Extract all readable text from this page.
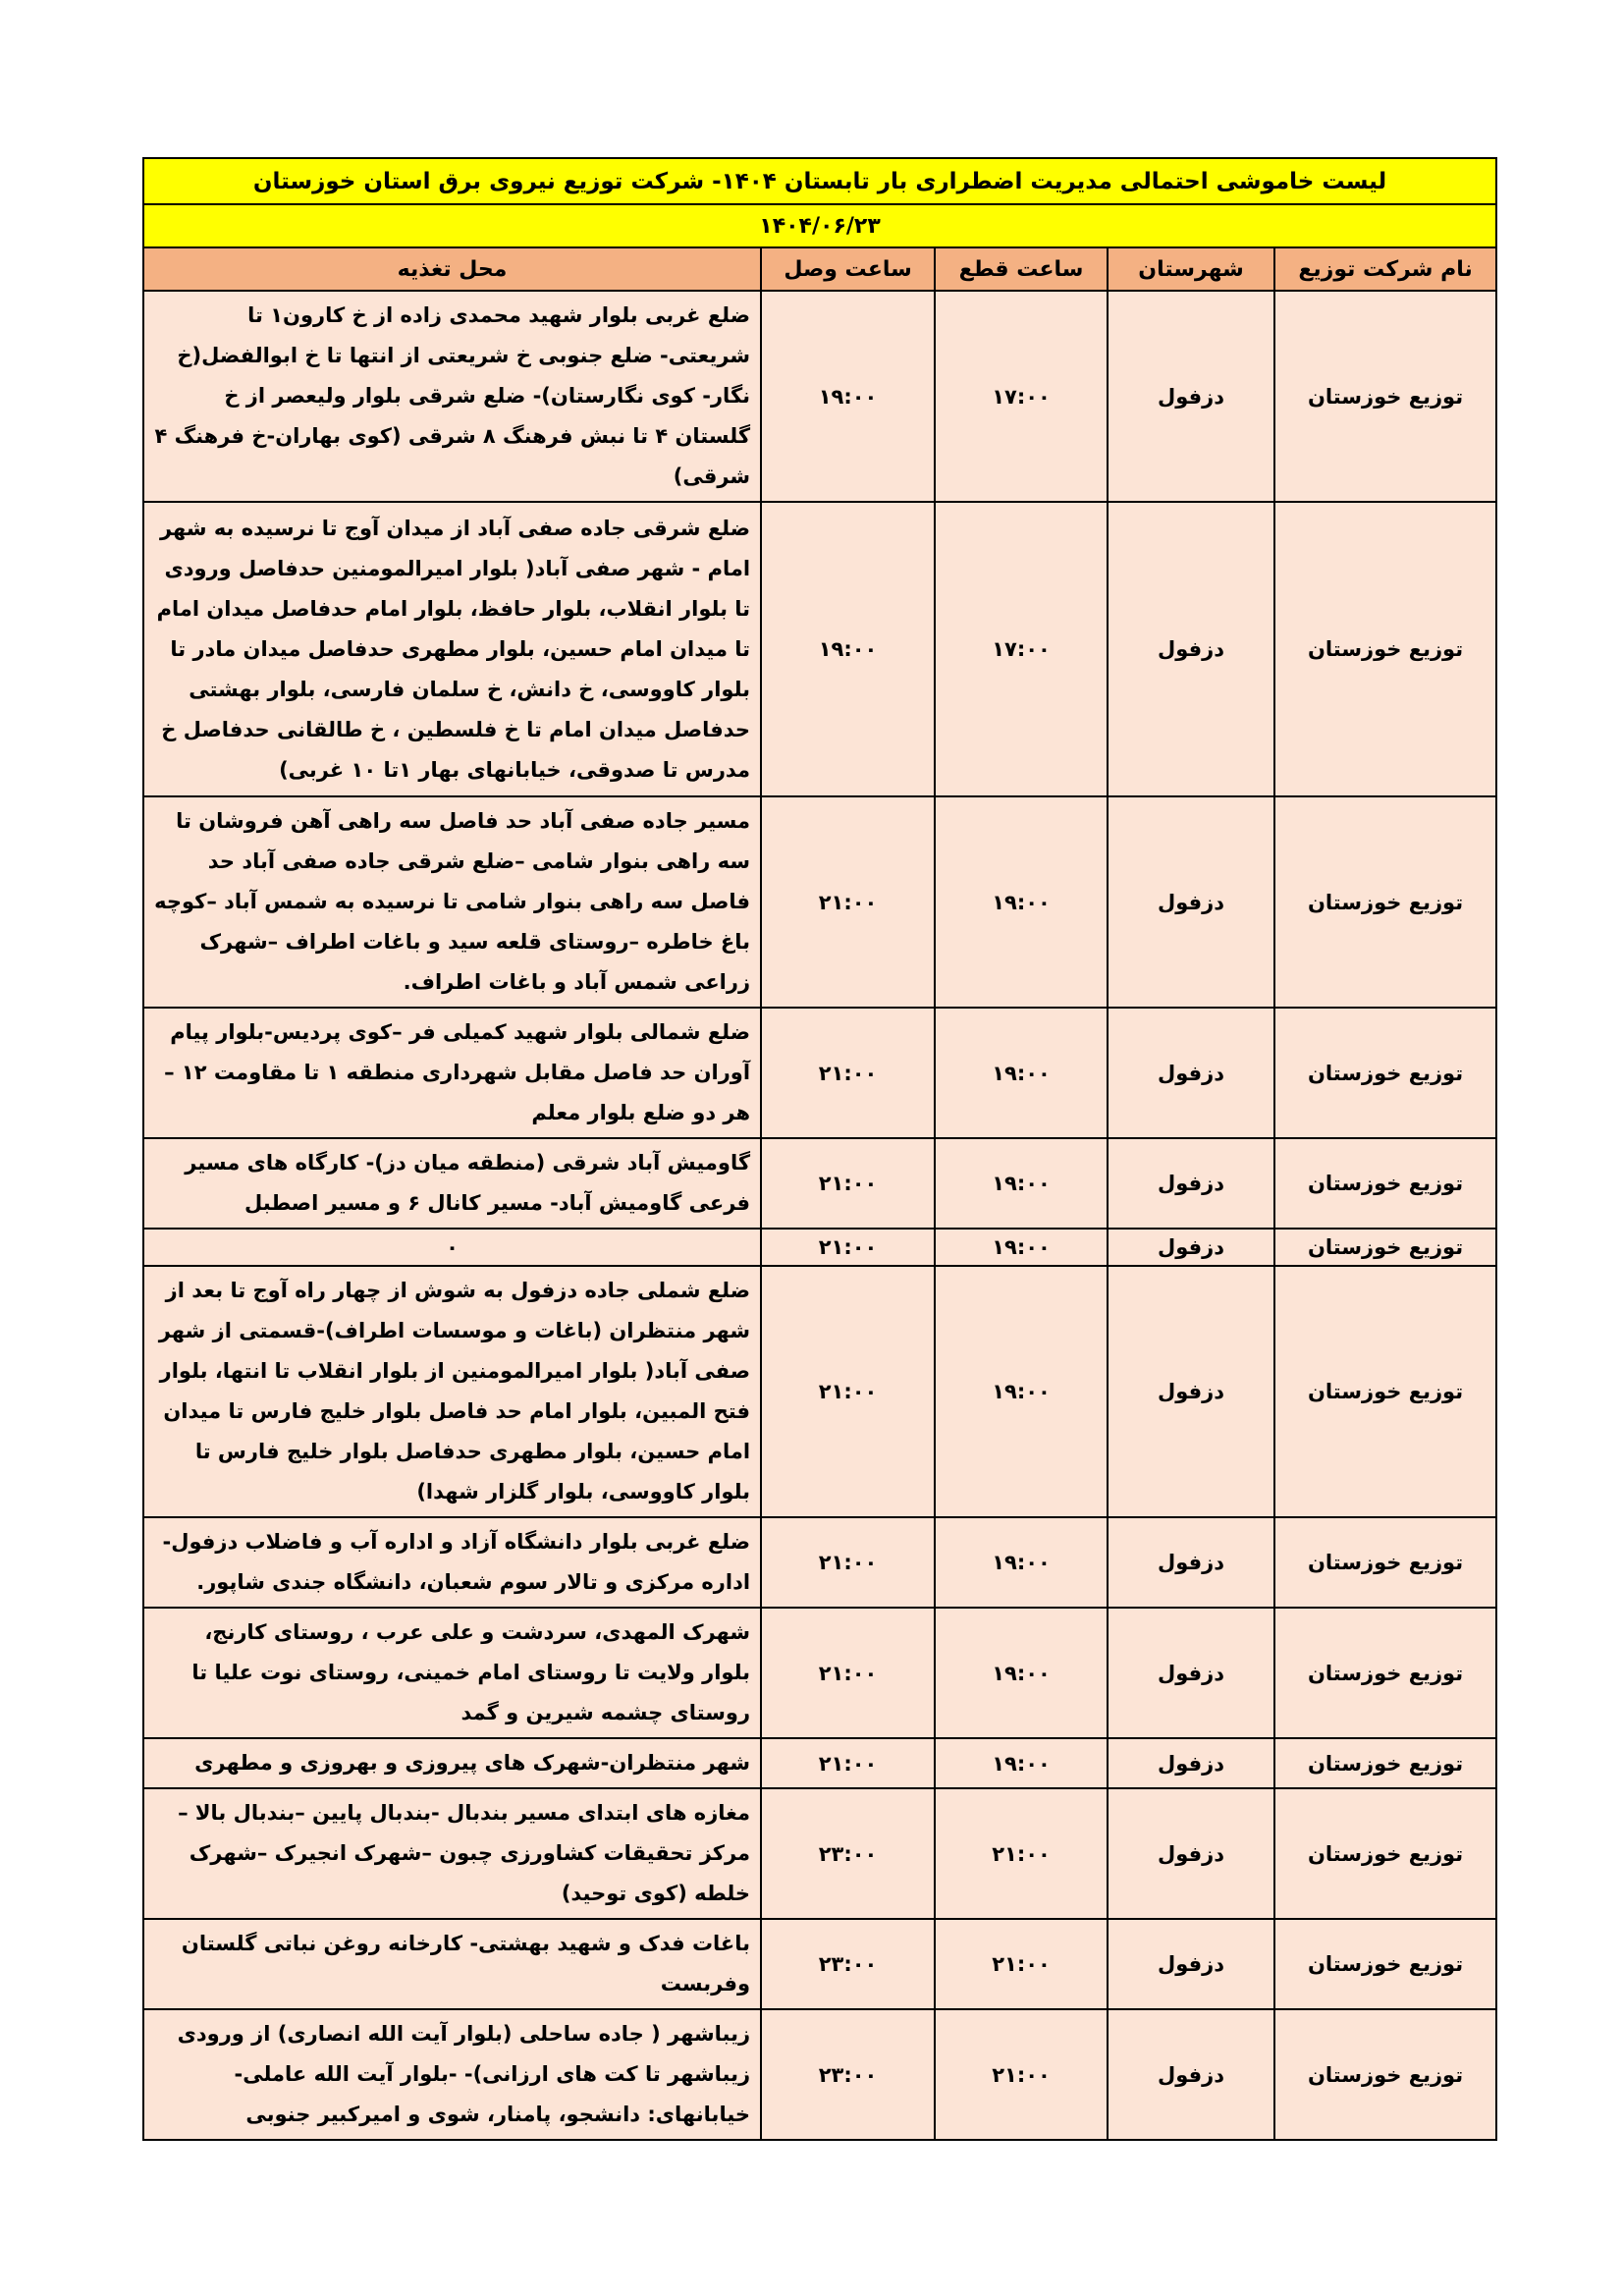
لیست خاموشی احتمالی مدیریت اضطراری بار تابستان ۱۴۰۴- شرکت توزیع نیروی برق استان خوزستان				
۱۴۰۴/۰۶/۲۳				
نام شرکت توزیع	شهرستان	ساعت قطع	ساعت وصل	محل تغذیه
توزیع خوزستان	دزفول	۱۷:۰۰	۱۹:۰۰	ضلع غربی بلوار شهید محمدی زاده از خ کارون۱ تا شریعتی- ضلع جنوبی خ شریعتی از انتها تا خ ابوالفضل(خ نگار- کوی نگارستان)- ضلع شرقی بلوار ولیعصر از خ گلستان ۴ تا نبش فرهنگ ۸ شرقی (کوی بهاران-خ فرهنگ ۴ شرقی)
توزیع خوزستان	دزفول	۱۷:۰۰	۱۹:۰۰	ضلع شرقی جاده صفی آباد از میدان آوج تا نرسیده به شهر امام - شهر صفی آباد( بلوار امیرالمومنین حدفاصل ورودی تا بلوار انقلاب، بلوار حافظ، بلوار امام حدفاصل میدان امام تا میدان امام حسین، بلوار مطهری حدفاصل میدان مادر تا بلوار کاووسی، خ دانش، خ سلمان فارسی، بلوار بهشتی حدفاصل میدان امام تا خ فلسطین ، خ طالقانی حدفاصل خ مدرس تا صدوقی، خیابانهای بهار ۱تا ۱۰ غربی)
توزیع خوزستان	دزفول	۱۹:۰۰	۲۱:۰۰	مسیر جاده صفی آباد حد فاصل سه راهی آهن فروشان تا سه راهی بنوار شامی –ضلع شرقی جاده صفی آباد حد فاصل سه راهی بنوار شامی تا نرسیده به شمس آباد –کوچه باغ خاطره –روستای قلعه سید و باغات اطراف –شهرک زراعی شمس آباد و باغات اطراف.
توزیع خوزستان	دزفول	۱۹:۰۰	۲۱:۰۰	ضلع شمالی بلوار شهید کمیلی فر –کوی پردیس-بلوار پیام آوران حد فاصل مقابل شهرداری منطقه ۱ تا مقاومت ۱۲ –هر دو ضلع بلوار معلم
توزیع خوزستان	دزفول	۱۹:۰۰	۲۱:۰۰	گاومیش آباد شرقی (منطقه میان دز)- کارگاه های مسیر فرعی گاومیش آباد- مسیر کانال ۶ و مسیر اصطبل
توزیع خوزستان	دزفول	۱۹:۰۰	۲۱:۰۰	۰
توزیع خوزستان	دزفول	۱۹:۰۰	۲۱:۰۰	ضلع شملی جاده دزفول به شوش از چهار راه آوج تا بعد از شهر منتظران (باغات و موسسات اطراف)-قسمتی از شهر صفی آباد( بلوار امیرالمومنین از بلوار انقلاب تا انتها، بلوار فتح المبین، بلوار امام حد فاصل بلوار خلیج فارس تا میدان امام حسین، بلوار مطهری حدفاصل بلوار خلیج فارس تا بلوار کاووسی، بلوار گلزار شهدا)
توزیع خوزستان	دزفول	۱۹:۰۰	۲۱:۰۰	ضلع غربی بلوار دانشگاه آزاد و اداره آب و فاضلاب دزفول- اداره مرکزی و تالار سوم شعبان، دانشگاه جندی شاپور.
توزیع خوزستان	دزفول	۱۹:۰۰	۲۱:۰۰	شهرک المهدی، سردشت و علی عرب ، روستای کارنج، بلوار ولایت تا روستای امام خمینی، روستای نوت علیا تا روستای چشمه شیرین و گمد
توزیع خوزستان	دزفول	۱۹:۰۰	۲۱:۰۰	شهر منتظران-شهرک های پیروزی و بهروزی و مطهری
توزیع خوزستان	دزفول	۲۱:۰۰	۲۳:۰۰	مغازه های ابتدای مسیر بندبال -بندبال پایین –بندبال بالا – مرکز تحقیقات کشاورزی چبون –شهرک انجیرک –شهرک خلطه (کوی توحید)
توزیع خوزستان	دزفول	۲۱:۰۰	۲۳:۰۰	باغات فدک و شهید بهشتی- کارخانه روغن نباتی گلستان وفربست
توزیع خوزستان	دزفول	۲۱:۰۰	۲۳:۰۰	زیباشهر ( جاده ساحلی (بلوار آیت الله انصاری) از ورودی زیباشهر تا کت های ارزانی)- -بلوار آیت الله عاملی- خیابانهای: دانشجو، پامنار، شوی و امیرکبیر جنوبی
